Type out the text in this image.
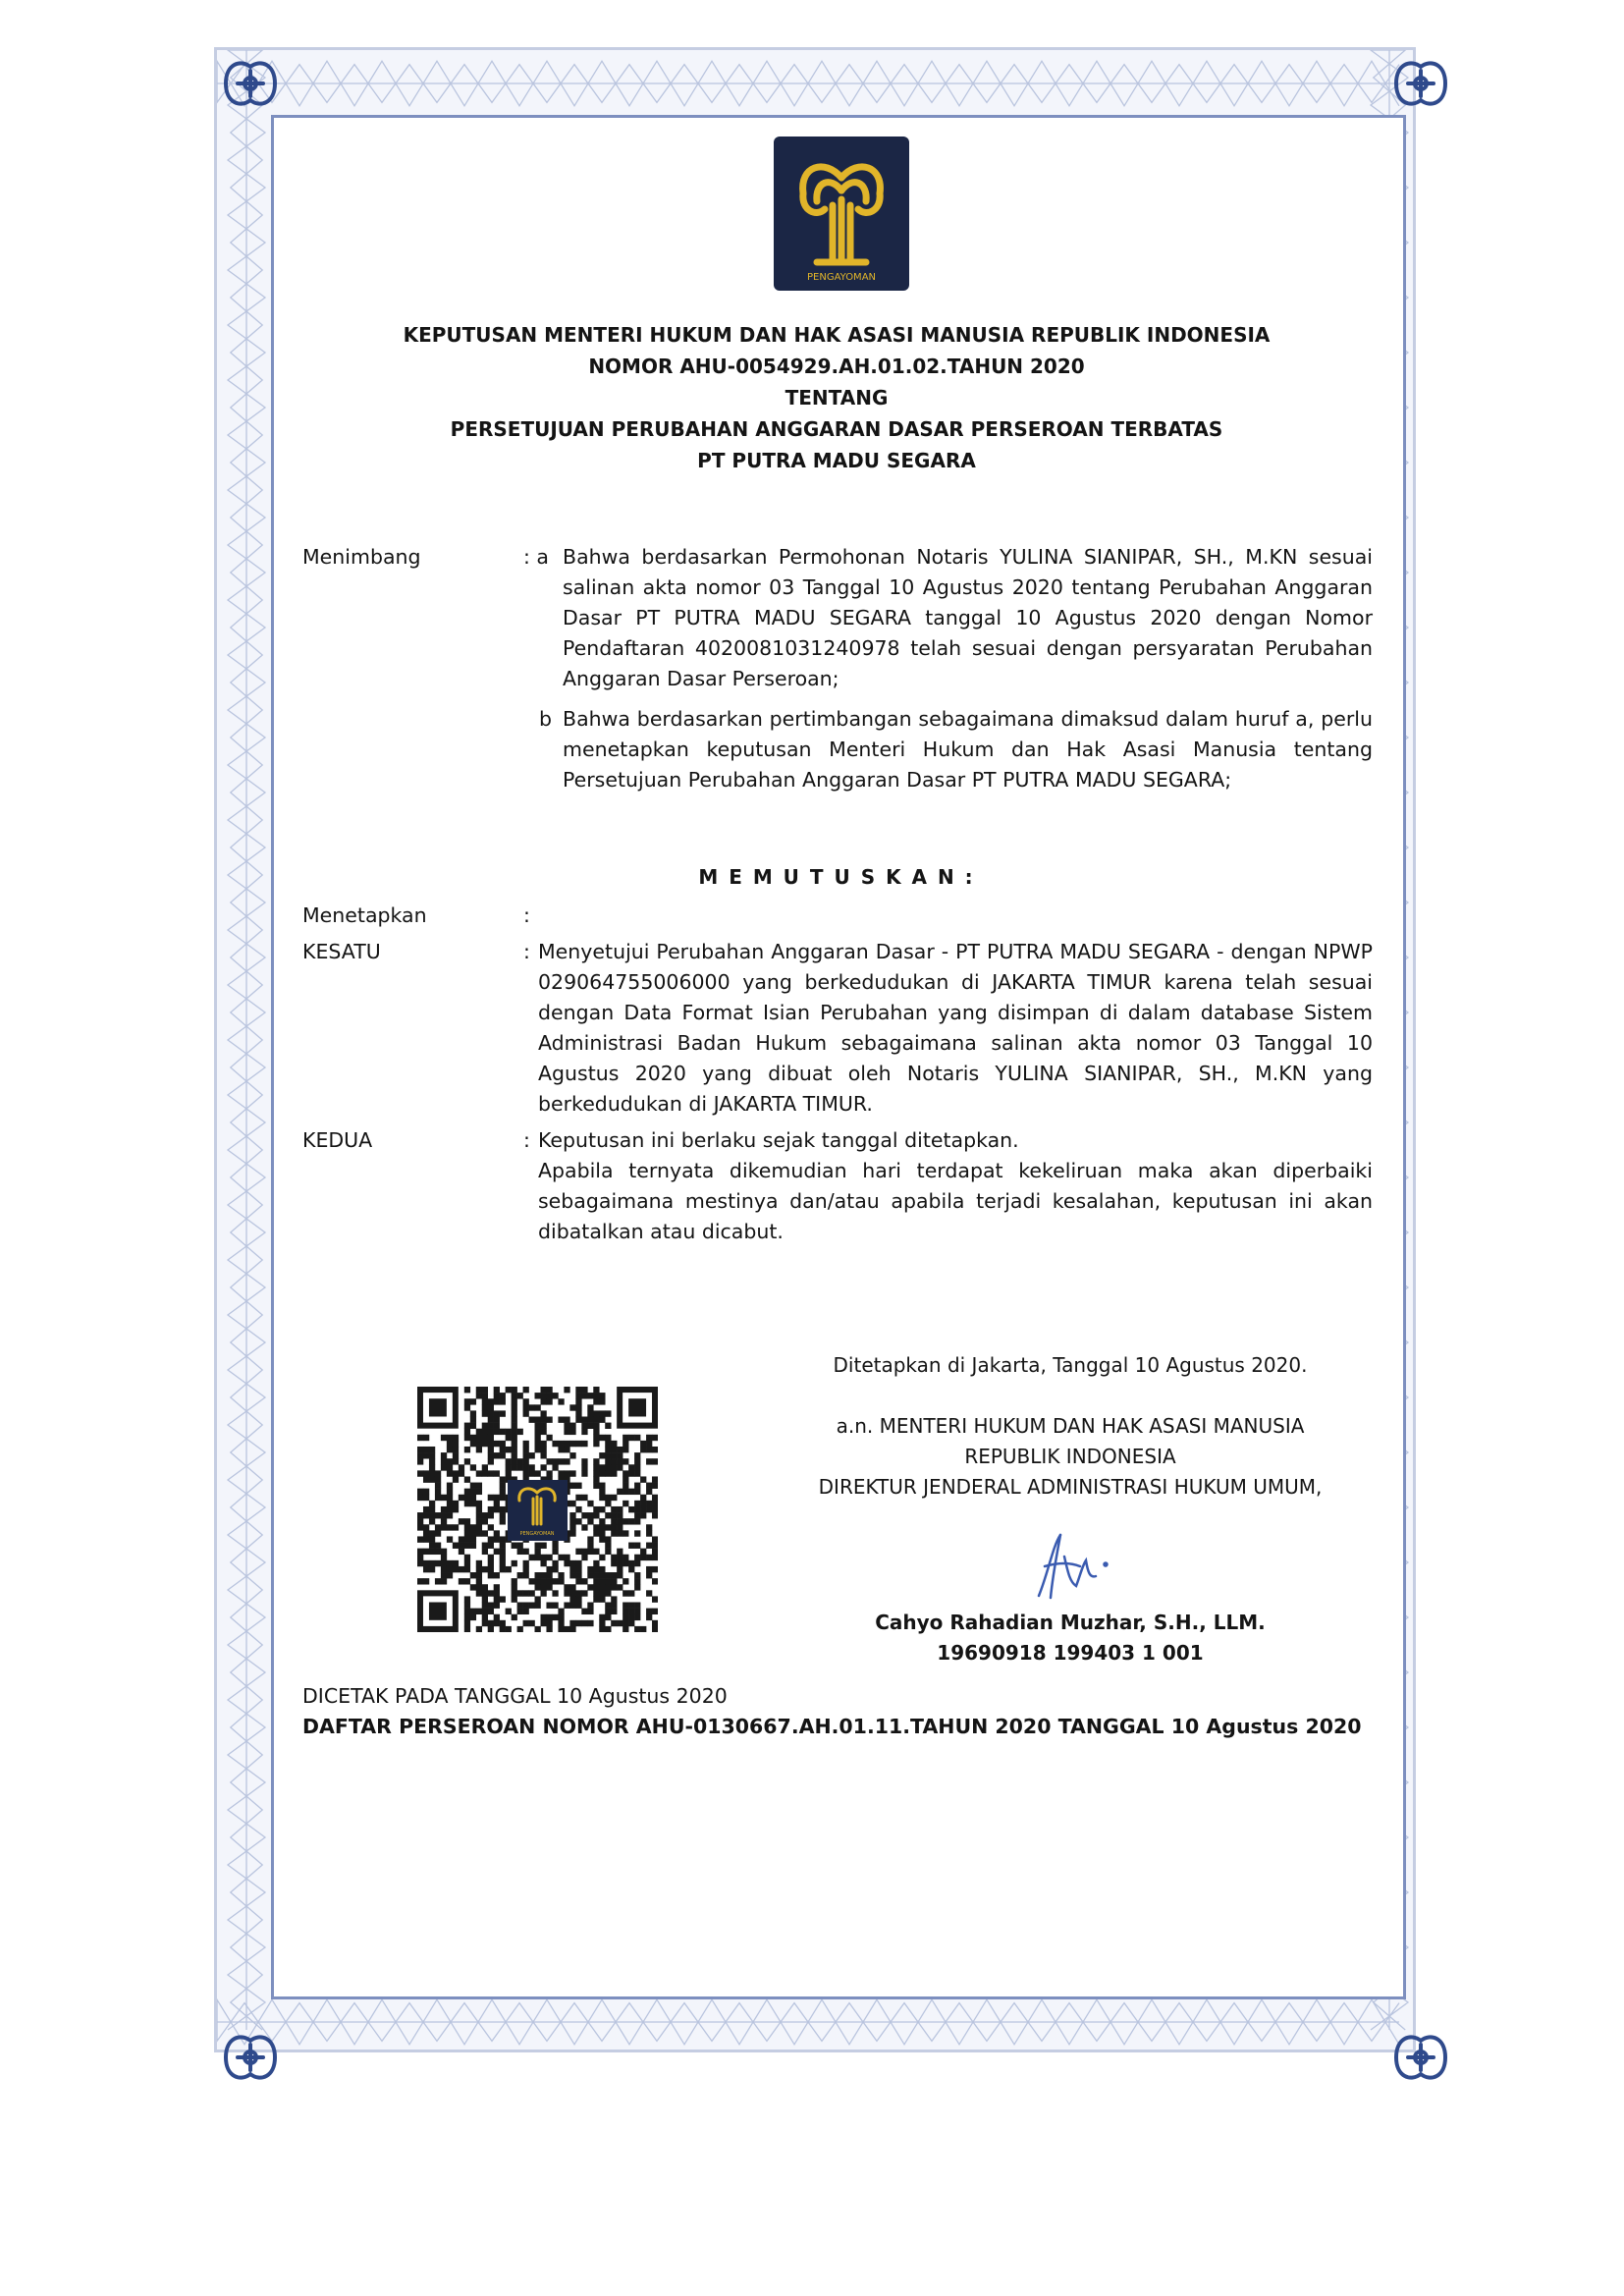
PENGAYOMAN
KEPUTUSAN MENTERI HUKUM DAN HAK ASASI MANUSIA REPUBLIK INDONESIA
NOMOR AHU-0054929.AH.01.02.TAHUN 2020
TENTANG
PERSETUJUAN PERUBAHAN ANGGARAN DASAR PERSEROAN TERBATAS
PT PUTRA MADU SEGARA
Menimbang	: a Bahwa berdasarkan Permohonan Notaris YULINA SIANIPAR, SH., M.KN sesuai salinan akta nomor 03 Tanggal 10 Agustus 2020 tentang Perubahan Anggaran Dasar PT PUTRA MADU SEGARA tanggal 10 Agustus 2020 dengan Nomor Pendaftaran 4020081031240978 telah sesuai dengan persyaratan Perubahan Anggaran Dasar Perseroan;
b Bahwa berdasarkan pertimbangan sebagaimana dimaksud dalam huruf a, perlu menetapkan keputusan Menteri Hukum dan Hak Asasi Manusia tentang Persetujuan Perubahan Anggaran Dasar PT PUTRA MADU SEGARA;
M E M U T U S K A N :
Menetapkan	:
KESATU	: Menyetujui Perubahan Anggaran Dasar - PT PUTRA MADU SEGARA - dengan NPWP 029064755006000 yang berkedudukan di JAKARTA TIMUR karena telah sesuai dengan Data Format Isian Perubahan yang disimpan di dalam database Sistem Administrasi Badan Hukum sebagaimana salinan akta nomor 03 Tanggal 10 Agustus 2020 yang dibuat oleh Notaris YULINA SIANIPAR, SH., M.KN yang berkedudukan di JAKARTA TIMUR.
KEDUA	: Keputusan ini berlaku sejak tanggal ditetapkan.
Apabila ternyata dikemudian hari terdapat kekeliruan maka akan diperbaiki sebagaimana mestinya dan/atau apabila terjadi kesalahan, keputusan ini akan dibatalkan atau dicabut.
Ditetapkan di Jakarta, Tanggal 10 Agustus 2020.
a.n. MENTERI HUKUM DAN HAK ASASI MANUSIA
REPUBLIK INDONESIA
DIREKTUR JENDERAL ADMINISTRASI HUKUM UMUM,
Cahyo Rahadian Muzhar, S.H., LLM.
19690918 199403 1 001
PENGAYOMAN
DICETAK PADA TANGGAL 10 Agustus 2020
DAFTAR PERSEROAN NOMOR AHU-0130667.AH.01.11.TAHUN 2020 TANGGAL 10 Agustus 2020
